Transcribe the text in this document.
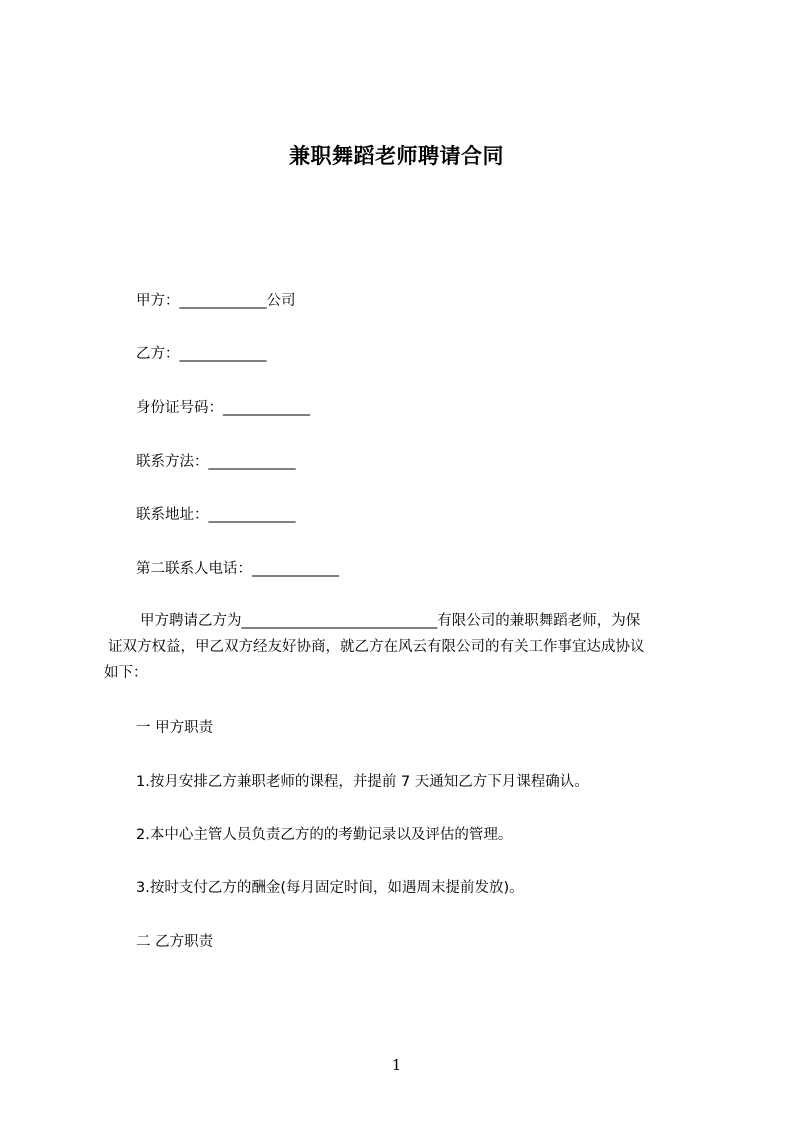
兼职舞蹈老师聘请合同
甲方：____________公司
乙方：____________
身份证号码：____________
联系方法：____________
联系地址：____________
第二联系人电话：____________
甲方聘请乙方为___________________________有限公司的兼职舞蹈老师，为保
证双方权益，甲乙双方经友好协商，就乙方在风云有限公司的有关工作事宜达成协议
如下：
一 甲方职责
1.按月安排乙方兼职老师的课程，并提前 7 天通知乙方下月课程确认。
2.本中心主管人员负责乙方的的考勤记录以及评估的管理。
3.按时支付乙方的酬金(每月固定时间，如遇周末提前发放)。
二 乙方职责
1
